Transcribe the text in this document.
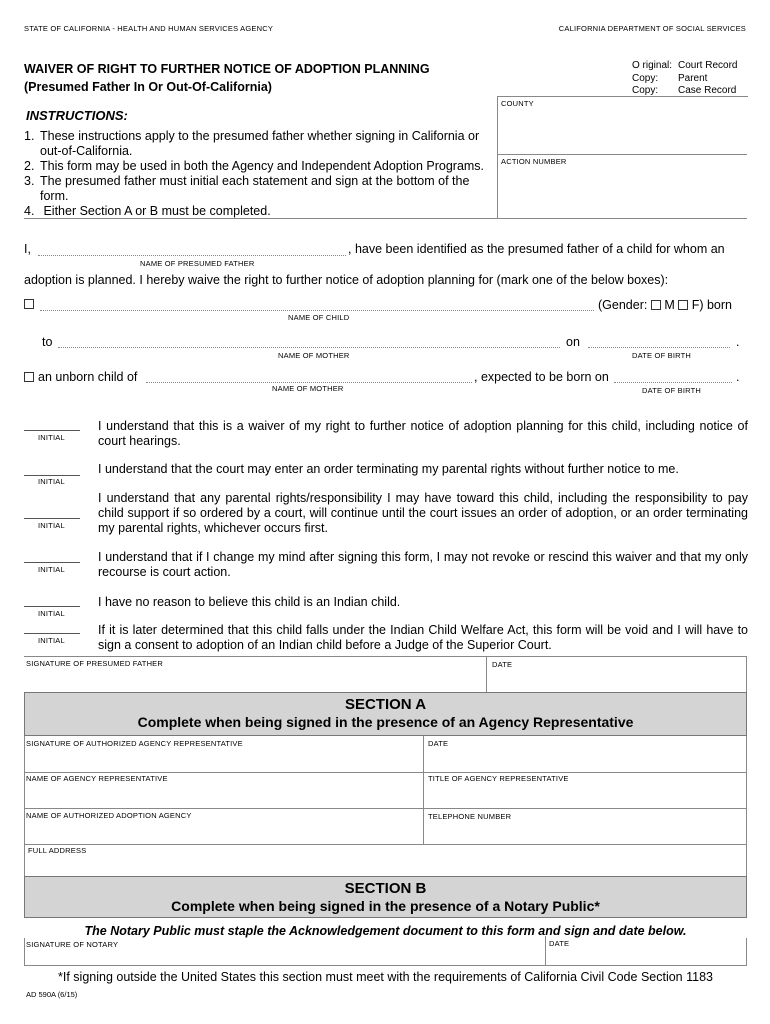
STATE OF CALIFORNIA - HEALTH AND HUMAN SERVICES AGENCY	CALIFORNIA DEPARTMENT OF SOCIAL SERVICES
WAIVER OF RIGHT TO FURTHER NOTICE OF ADOPTION PLANNING
(Presumed Father In Or Out-Of-California)
O riginal: Court Record
Copy: Parent
Copy: Case Record
COUNTY
ACTION NUMBER
INSTRUCTIONS:
1. These instructions apply to the presumed father whether signing in California or out-of-California.
2. This form may be used in both the Agency and Independent Adoption Programs.
3. The presumed father must initial each statement and sign at the bottom of the form.
4. Either Section A or B must be completed.
I,	, have been identified as the presumed father of a child for whom an
NAME OF PRESUMED FATHER
adoption is planned. I hereby waive the right to further notice of adoption planning for (mark one of the below boxes):
(Gender: M F) born
NAME OF CHILD
to	on	.
NAME OF MOTHER	DATE OF BIRTH
an unborn child of	, expected to be born on	.
NAME OF MOTHER	DATE OF BIRTH
INITIAL
I understand that this is a waiver of my right to further notice of adoption planning for this child, including notice of court hearings.
INITIAL
I understand that the court may enter an order terminating my parental rights without further notice to me.
INITIAL
I understand that any parental rights/responsibility I may have toward this child, including the responsibility to pay child support if so ordered by a court, will continue until the court issues an order of adoption, or an order terminating my parental rights, whichever occurs first.
INITIAL
I understand that if I change my mind after signing this form, I may not revoke or rescind this waiver and that my only recourse is court action.
INITIAL
I have no reason to believe this child is an Indian child.
INITIAL
If it is later determined that this child falls under the Indian Child Welfare Act, this form will be void and I will have to sign a consent to adoption of an Indian child before a Judge of the Superior Court.
SIGNATURE OF PRESUMED FATHER	DATE
SECTION A
Complete when being signed in the presence of an Agency Representative
SIGNATURE OF AUTHORIZED AGENCY REPRESENTATIVE	DATE
NAME OF AGENCY REPRESENTATIVE	TITLE OF AGENCY REPRESENTATIVE
NAME OF AUTHORIZED ADOPTION AGENCY	TELEPHONE NUMBER
FULL ADDRESS
SECTION B
Complete when being signed in the presence of a Notary Public*
The Notary Public must staple the Acknowledgement document to this form and sign and date below.
SIGNATURE OF NOTARY	DATE
*If signing outside the United States this section must meet with the requirements of California Civil Code Section 1183
AD 590A (6/15)
